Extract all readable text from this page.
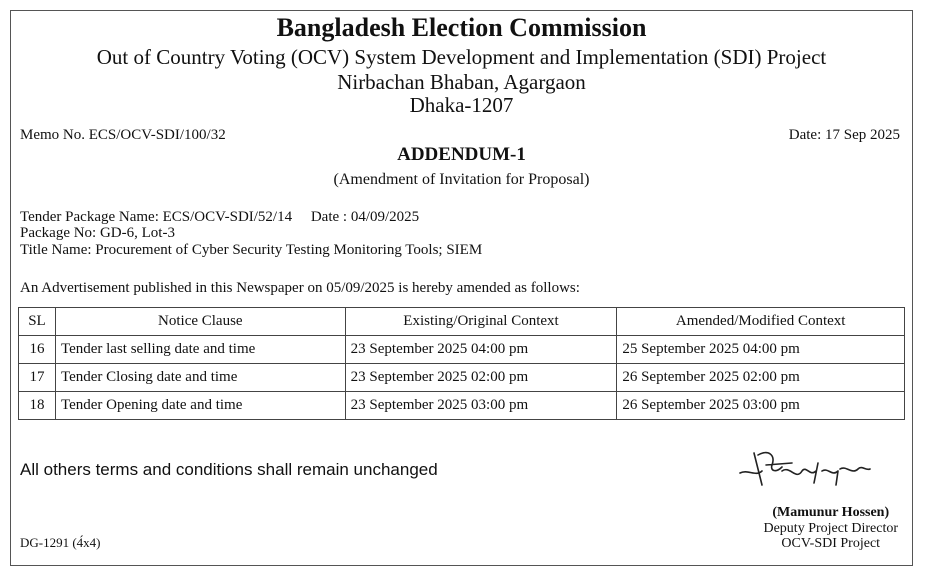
Bangladesh Election Commission
Out of Country Voting (OCV) System Development and Implementation (SDI) Project
Nirbachan Bhaban, Agargaon
Dhaka-1207
Memo No. ECS/OCV-SDI/100/32	Date: 17 Sep 2025
ADDENDUM-1
(Amendment of Invitation for Proposal)
Tender Package Name: ECS/OCV-SDI/52/14     Date : 04/09/2025
Package No: GD-6, Lot-3
Title Name: Procurement of Cyber Security Testing Monitoring Tools; SIEM
An Advertisement published in this Newspaper on 05/09/2025 is hereby amended as follows:
SL	Notice Clause	Existing/Original Context	Amended/Modified Context
16	Tender last selling date and time	23 September 2025 04:00 pm	25 September 2025 04:00 pm
17	Tender Closing date and time	23 September 2025 02:00 pm	26 September 2025 02:00 pm
18	Tender Opening date and time	23 September 2025 03:00 pm	26 September 2025 03:00 pm
All others terms and conditions shall remain unchanged
(Mamunur Hossen)
Deputy Project Director
OCV-SDI Project
DG-1291 (4́x4)
